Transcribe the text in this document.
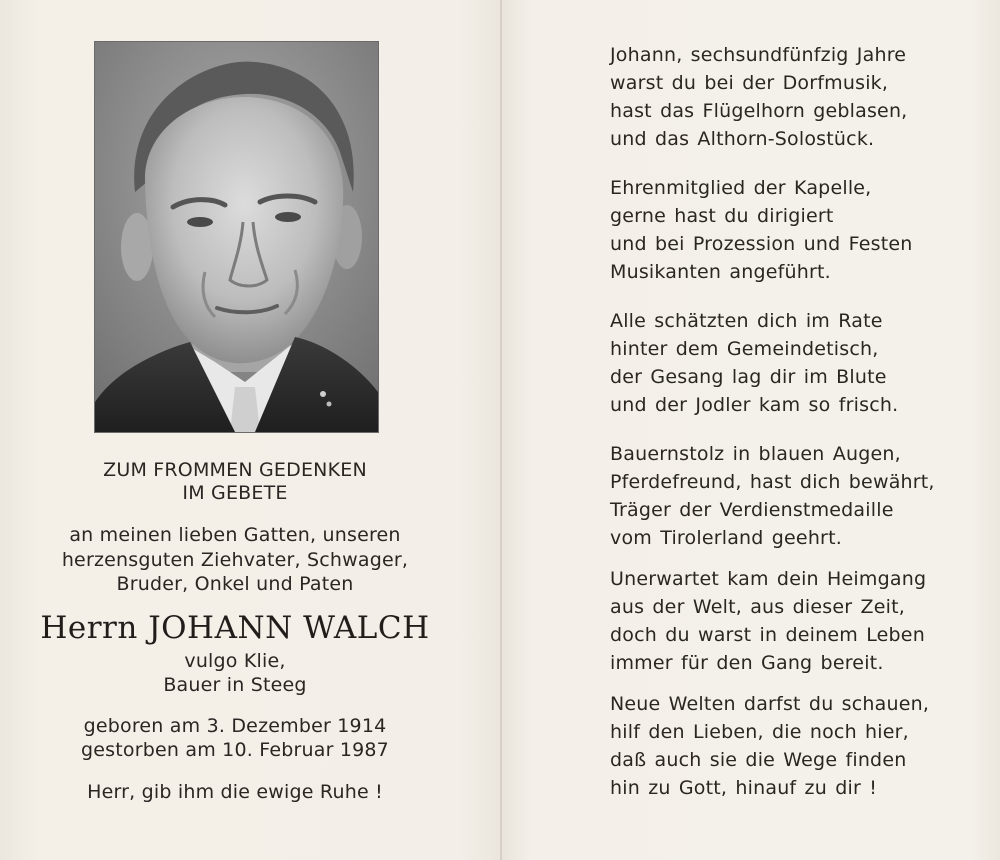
ZUM FROMMEN GEDENKEN
IM GEBETE
an meinen lieben Gatten, unseren
herzensguten Ziehvater, Schwager,
Bruder, Onkel und Paten
Herrn JOHANN WALCH
vulgo Klie,
Bauer in Steeg
geboren am 3. Dezember 1914
gestorben am 10. Februar 1987
Herr, gib ihm die ewige Ruhe !
Johann, sechsundfünfzig Jahre
warst du bei der Dorfmusik,
hast das Flügelhorn geblasen,
und das Althorn-Solostück.
Ehrenmitglied der Kapelle,
gerne hast du dirigiert
und bei Prozession und Festen
Musikanten angeführt.
Alle schätzten dich im Rate
hinter dem Gemeindetisch,
der Gesang lag dir im Blute
und der Jodler kam so frisch.
Bauernstolz in blauen Augen,
Pferdefreund, hast dich bewährt,
Träger der Verdienstmedaille
vom Tirolerland geehrt.
Unerwartet kam dein Heimgang
aus der Welt, aus dieser Zeit,
doch du warst in deinem Leben
immer für den Gang bereit.
Neue Welten darfst du schauen,
hilf den Lieben, die noch hier,
daß auch sie die Wege finden
hin zu Gott, hinauf zu dir !
